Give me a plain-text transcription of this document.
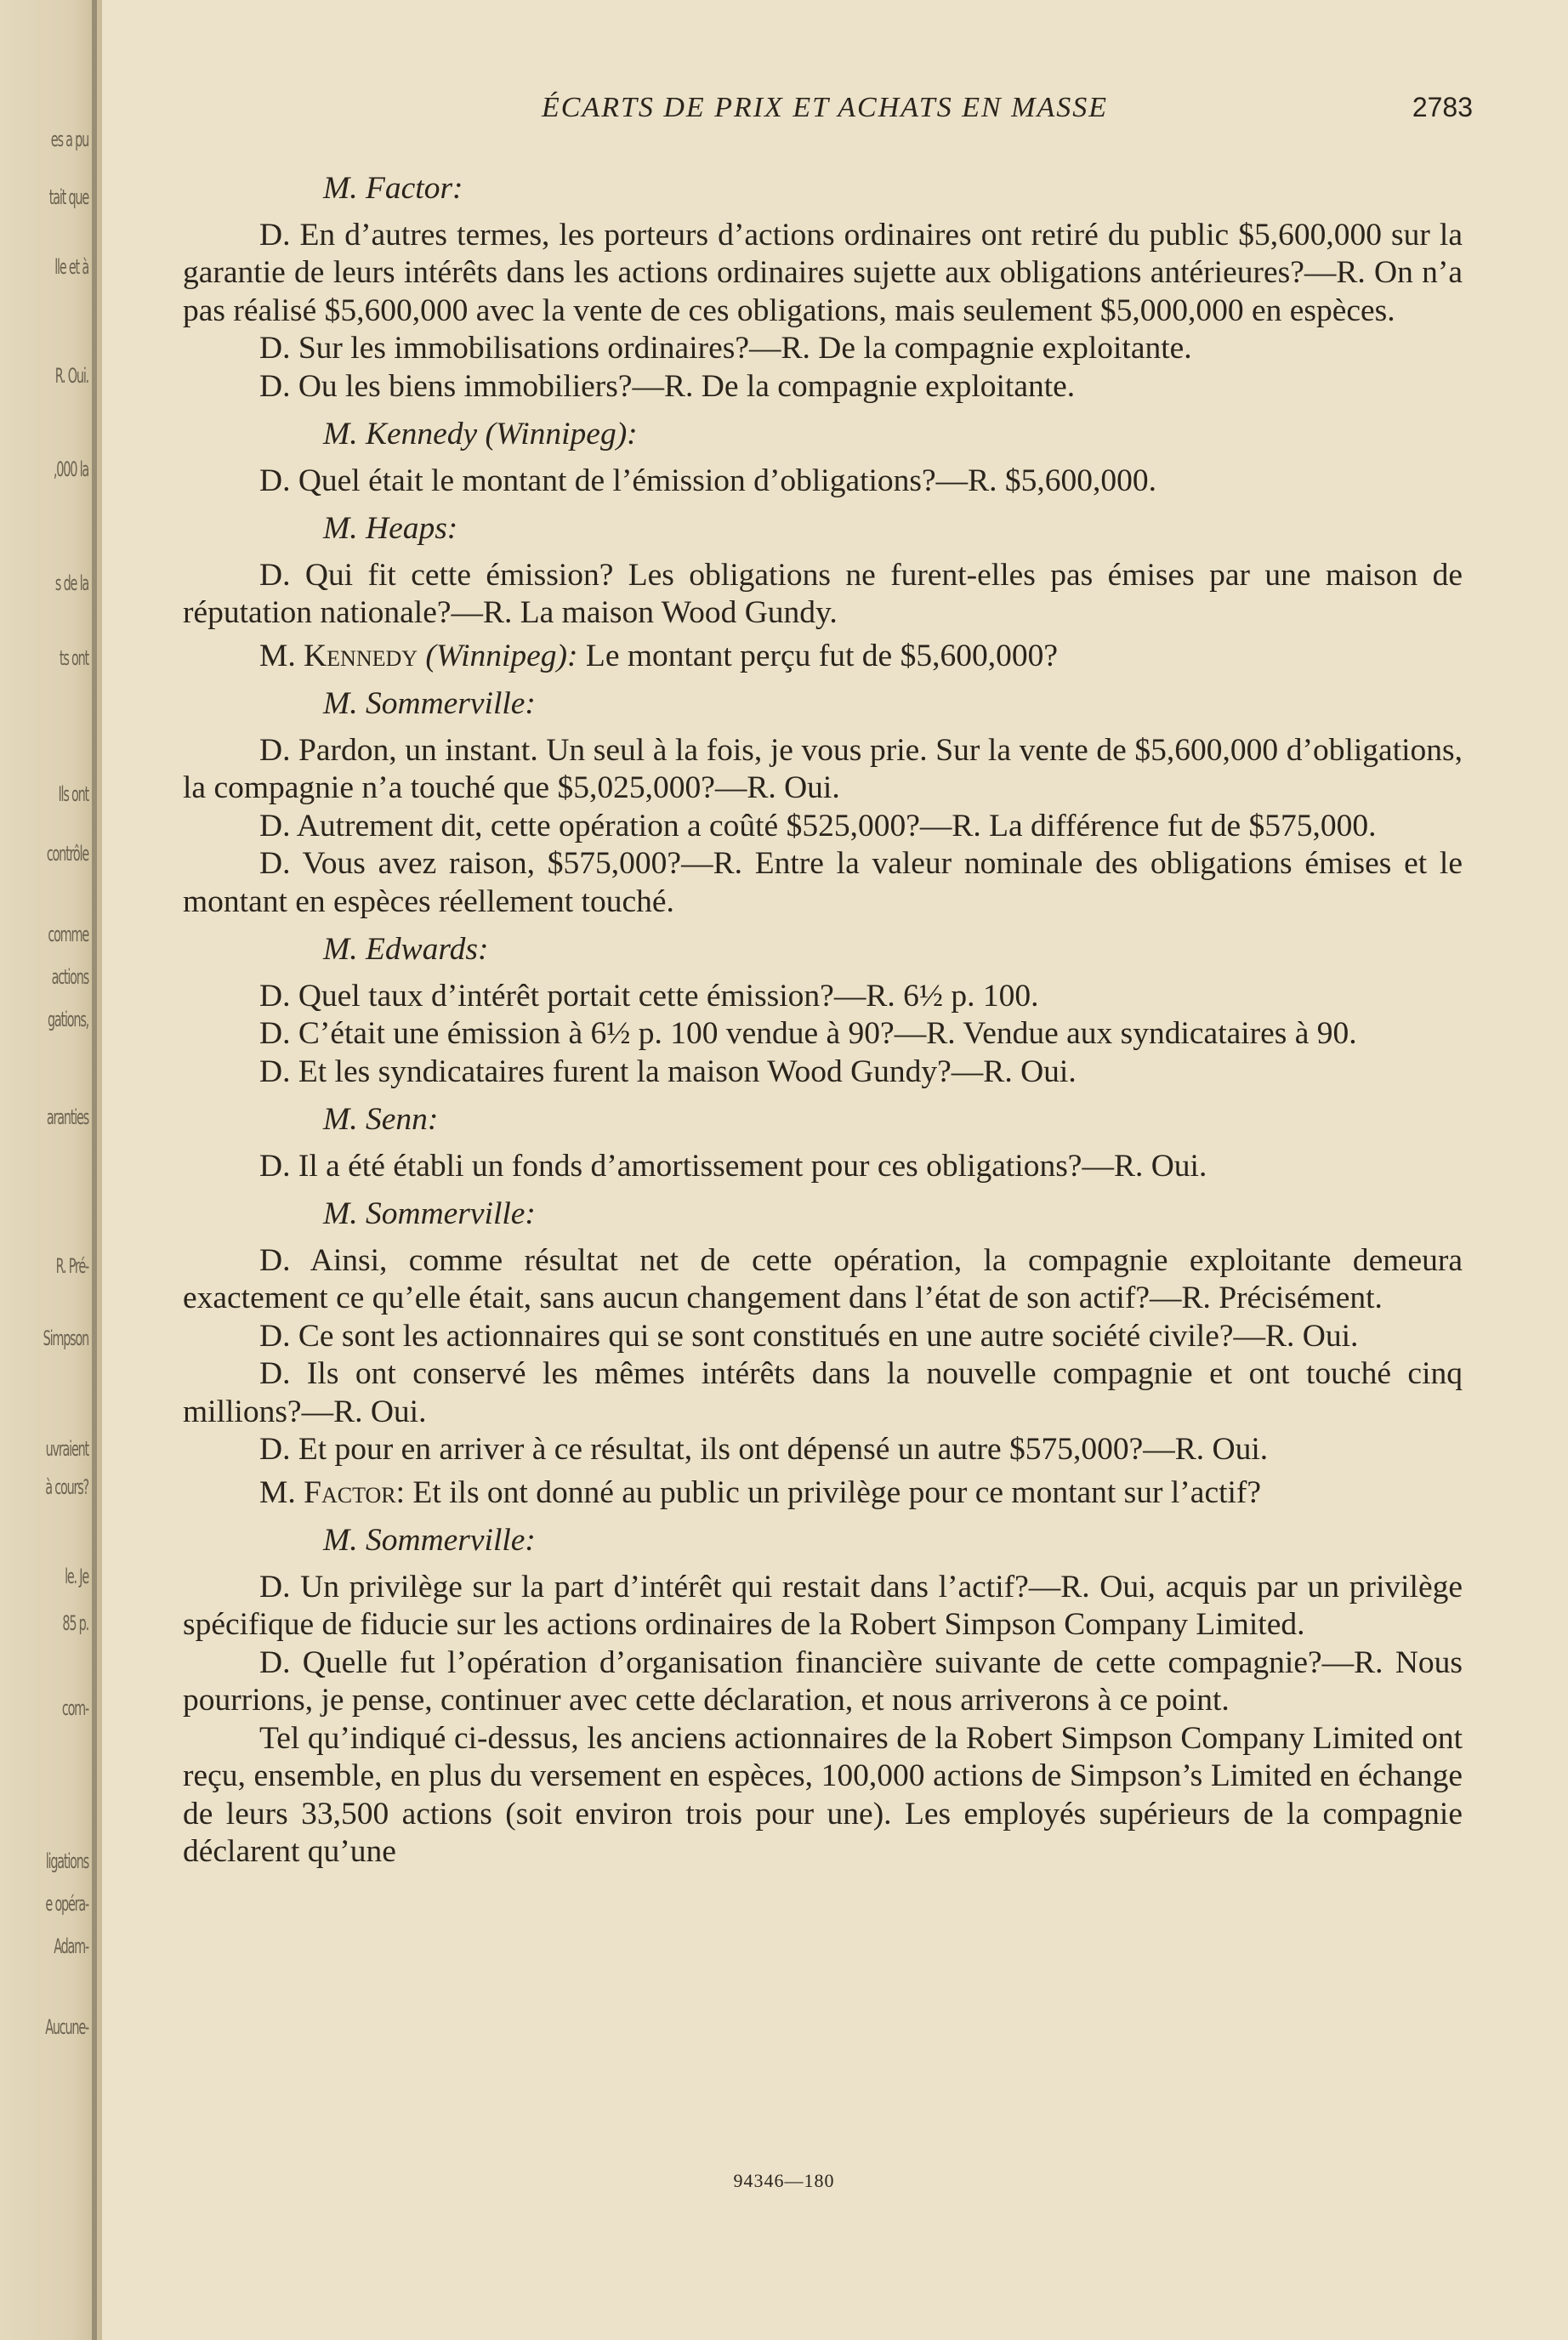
es a pu
tait que
lle et à
R. Oui.
,000 la
s de la
ts ont
Ils ont
contrôle
comme
actions
gations,
aranties
R. Pré-
Simpson
uvraient
à cours?
le. Je
85 p.
com-
ligations
e opéra-
Adam-
Aucune-
ÉCARTS DE PRIX ET ACHATS EN MASSE	2783
M. Factor:

D. En d’autres termes, les porteurs d’actions ordinaires ont retiré du public $5,600,000 sur la garantie de leurs intérêts dans les actions ordinaires sujette aux obligations antérieures?—R. On n’a pas réalisé $5,600,000 avec la vente de ces obligations, mais seulement $5,000,000 en espèces.

D. Sur les immobilisations ordinaires?—R. De la compagnie exploitante.

D. Ou les biens immobiliers?—R. De la compagnie exploitante.

M. Kennedy (Winnipeg):

D. Quel était le montant de l’émission d’obligations?—R. $5,600,000.

M. Heaps:

D. Qui fit cette émission? Les obligations ne furent-elles pas émises par une maison de réputation nationale?—R. La maison Wood Gundy.

M. Kennedy (Winnipeg): Le montant perçu fut de $5,600,000?

M. Sommerville:

D. Pardon, un instant. Un seul à la fois, je vous prie. Sur la vente de $5,600,000 d’obligations, la compagnie n’a touché que $5,025,000?—R. Oui.

D. Autrement dit, cette opération a coûté $525,000?—R. La différence fut de $575,000.

D. Vous avez raison, $575,000?—R. Entre la valeur nominale des obligations émises et le montant en espèces réellement touché.

M. Edwards:

D. Quel taux d’intérêt portait cette émission?—R. 6½ p. 100.

D. C’était une émission à 6½ p. 100 vendue à 90?—R. Vendue aux syndicataires à 90.

D. Et les syndicataires furent la maison Wood Gundy?—R. Oui.

M. Senn:

D. Il a été établi un fonds d’amortissement pour ces obligations?—R. Oui.

M. Sommerville:

D. Ainsi, comme résultat net de cette opération, la compagnie exploitante demeura exactement ce qu’elle était, sans aucun changement dans l’état de son actif?—R. Précisément.

D. Ce sont les actionnaires qui se sont constitués en une autre société civile?—R. Oui.

D. Ils ont conservé les mêmes intérêts dans la nouvelle compagnie et ont touché cinq millions?—R. Oui.

D. Et pour en arriver à ce résultat, ils ont dépensé un autre $575,000?—R. Oui.

M. Factor: Et ils ont donné au public un privilège pour ce montant sur l’actif?

M. Sommerville:

D. Un privilège sur la part d’intérêt qui restait dans l’actif?—R. Oui, acquis par un privilège spécifique de fiducie sur les actions ordinaires de la Robert Simpson Company Limited.

D. Quelle fut l’opération d’organisation financière suivante de cette compagnie?—R. Nous pourrions, je pense, continuer avec cette déclaration, et nous arriverons à ce point.

Tel qu’indiqué ci-dessus, les anciens actionnaires de la Robert Simpson Company Limited ont reçu, ensemble, en plus du versement en espèces, 100,000 actions de Simpson’s Limited en échange de leurs 33,500 actions (soit environ trois pour une). Les employés supérieurs de la compagnie déclarent qu’une

94346—180
